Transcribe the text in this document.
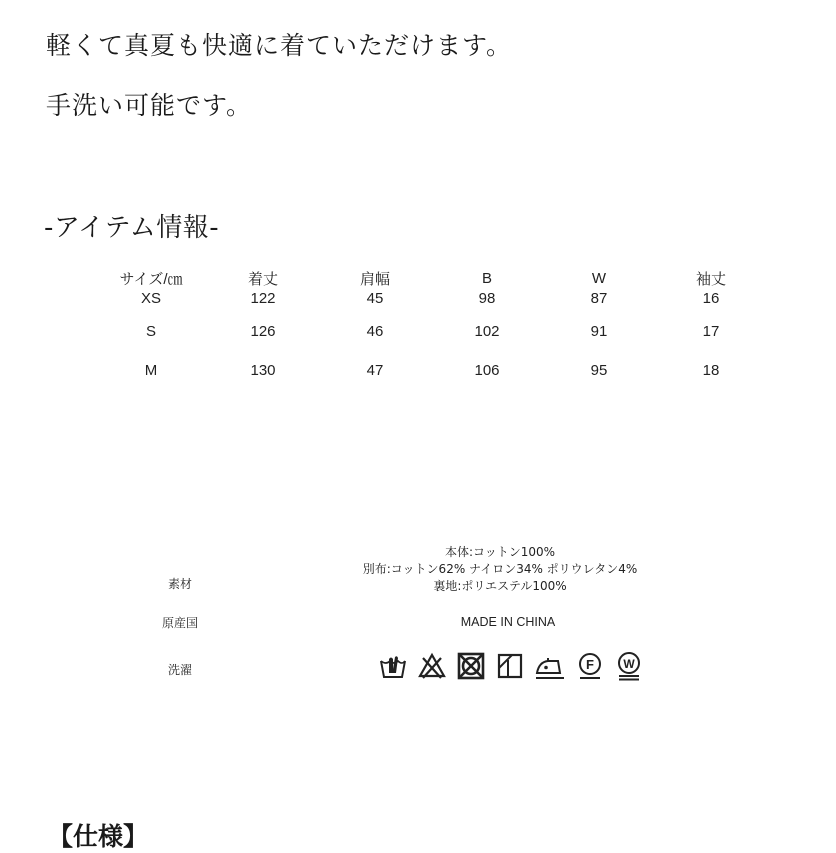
軽くて真夏も快適に着ていただけます。

手洗い可能です。

-アイテム情報-

サイズ/㎝	着丈	肩幅	B	W	袖丈
XS	122	45	98	87	16
S	126	46	102	91	17
M	130	47	106	95	18
素材
本体:コットン100%
別布:コットン62% ナイロン34% ポリウレタン4%
裏地:ポリエステル100%
原産国	MADE IN CHINA
洗濯	F W

【仕様】
